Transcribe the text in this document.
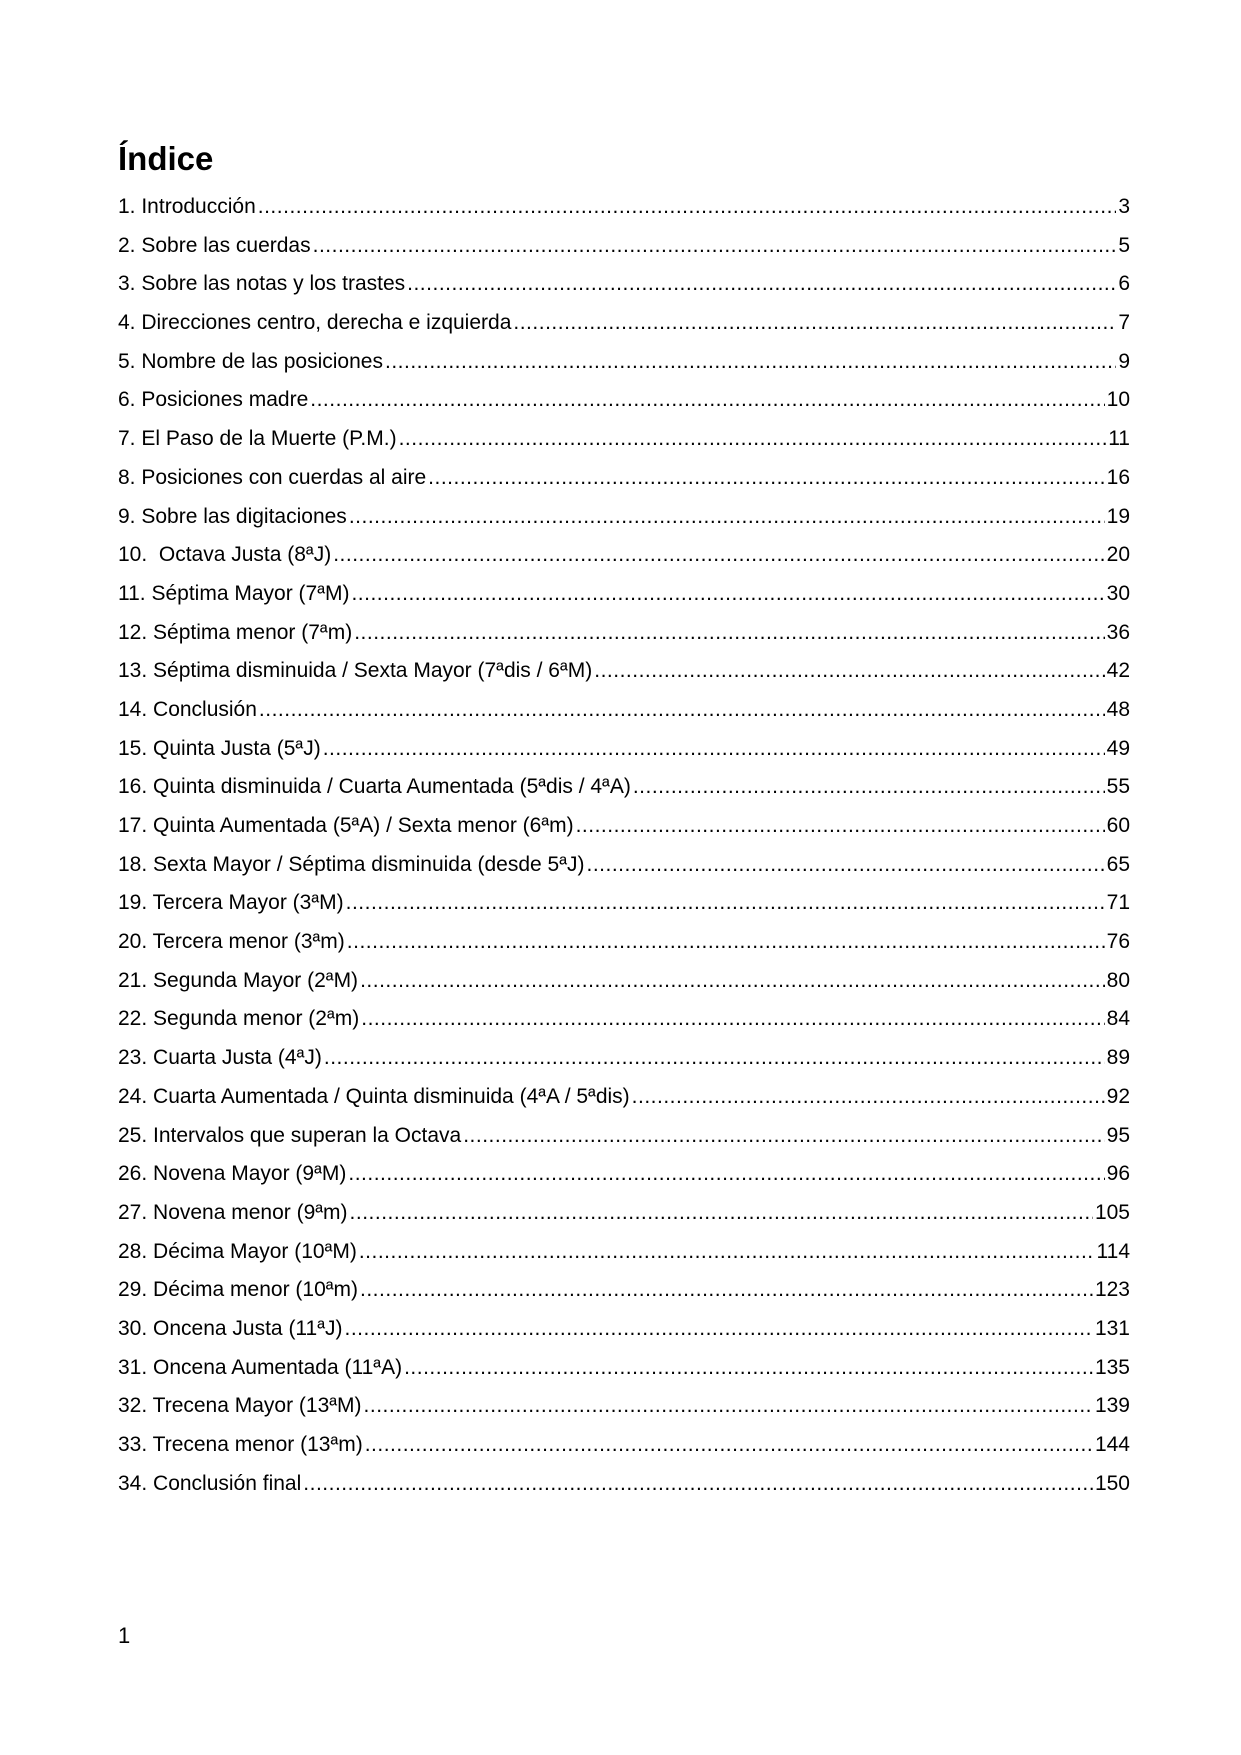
Índice
1. Introducción .....	3
2. Sobre las cuerdas .....	5
3. Sobre las notas y los trastes .....	6
4. Direcciones centro, derecha e izquierda .....	7
5. Nombre de las posiciones .....	9
6. Posiciones madre .....	10
7. El Paso de la Muerte (P.M.) .....	11
8. Posiciones con cuerdas al aire .....	16
9. Sobre las digitaciones .....	19
10.  Octava Justa (8ªJ) .....	20
11. Séptima Mayor (7ªM) .....	30
12. Séptima menor (7ªm) .....	36
13. Séptima disminuida / Sexta Mayor (7ªdis / 6ªM) .....	42
14. Conclusión .....	48
15. Quinta Justa (5ªJ) .....	49
16. Quinta disminuida / Cuarta Aumentada (5ªdis / 4ªA) .....	55
17. Quinta Aumentada (5ªA) / Sexta menor (6ªm) .....	60
18. Sexta Mayor / Séptima disminuida (desde 5ªJ) .....	65
19. Tercera Mayor (3ªM) .....	71
20. Tercera menor (3ªm) .....	76
21. Segunda Mayor (2ªM) .....	80
22. Segunda menor (2ªm) .....	84
23. Cuarta Justa (4ªJ) .....	89
24. Cuarta Aumentada / Quinta disminuida (4ªA / 5ªdis) .....	92
25. Intervalos que superan la Octava .....	95
26. Novena Mayor (9ªM) .....	96
27. Novena menor (9ªm) .....	105
28. Décima Mayor (10ªM) .....	114
29. Décima menor (10ªm) .....	123
30. Oncena Justa (11ªJ) .....	131
31. Oncena Aumentada (11ªA) .....	135
32. Trecena Mayor (13ªM) .....	139
33. Trecena menor (13ªm) .....	144
34. Conclusión final .....	150
1
